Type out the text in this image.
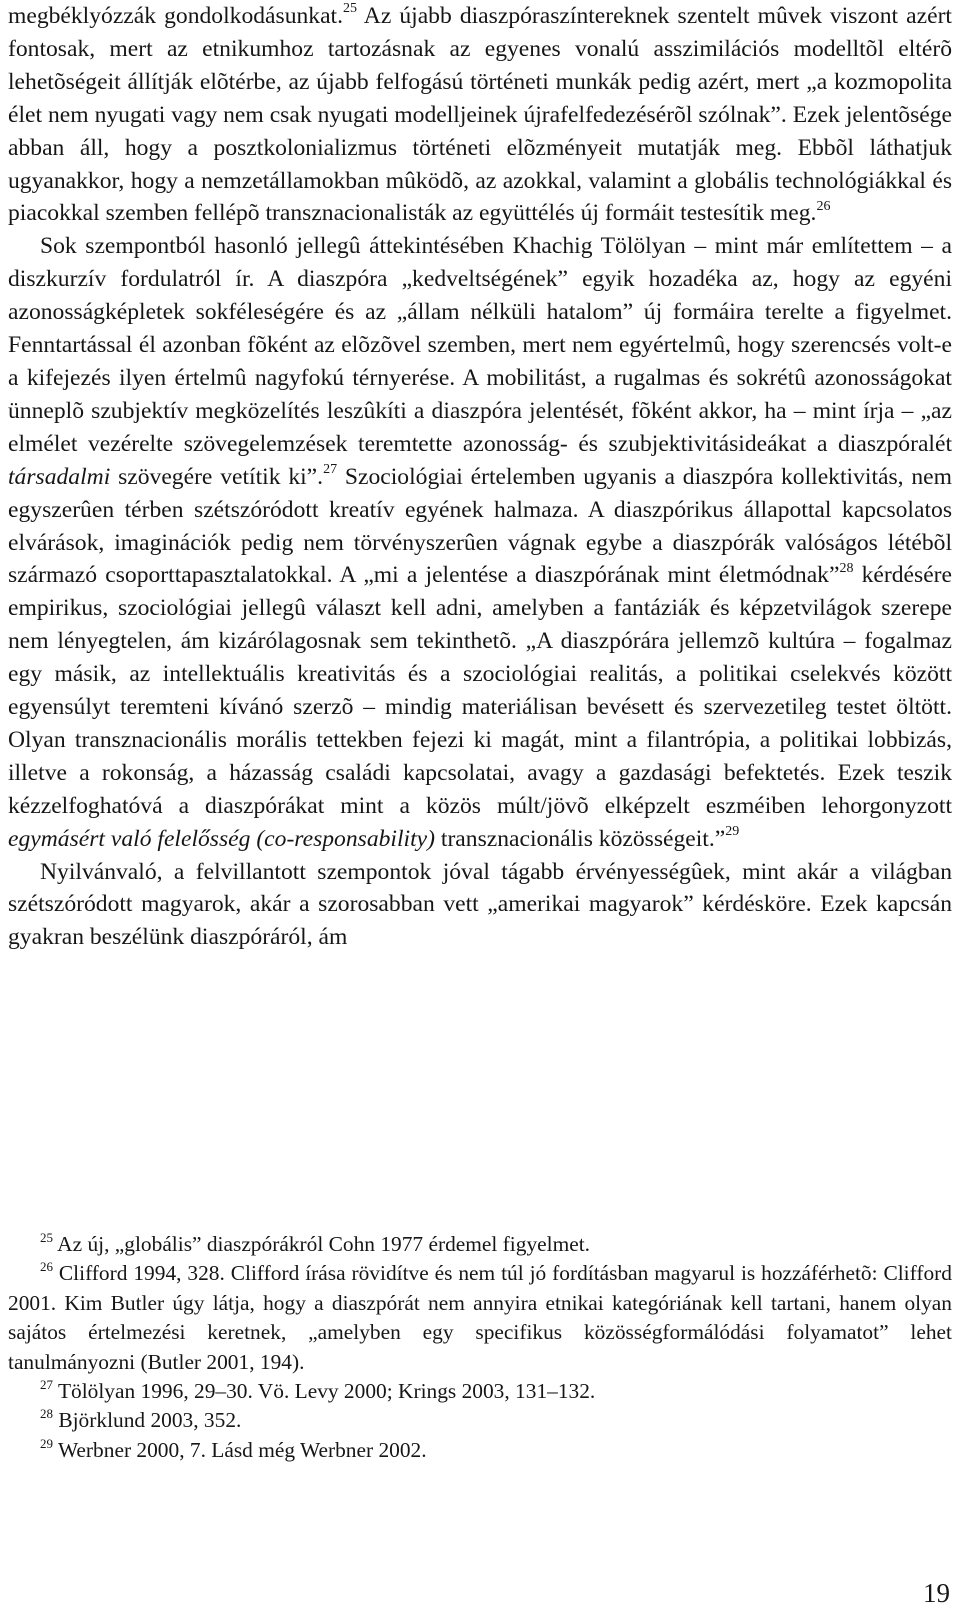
megbéklyózzák gondolkodásunkat.$^{25}$ Az újabb diaszpóraszíntereknek szentelt mûvek viszont azért fontosak, mert az etnikumhoz tartozásnak az egyenes vonalú asszimilációs modelltõl eltérõ lehetõségeit állítják elõtérbe, az újabb felfogású történeti munkák pedig azért, mert „a kozmopolita élet nem nyugati vagy nem csak nyugati modelljeinek újrafelfedezésérõl szólnak”. Ezek jelentõsége abban áll, hogy a posztkolonializmus történeti elõzményeit mutatják meg. Ebbõl láthatjuk ugyanakkor, hogy a nemzetállamokban mûködõ, az azokkal, valamint a globális technológiákkal és piacokkal szemben fellépõ transznacionalisták az együttélés új formáit testesítik meg.$^{26}$
Sok szempontból hasonló jellegû áttekintésében Khachig Tölölyan – mint már említettem – a diszkurzív fordulatról ír. A diaszpóra „kedveltségének” egyik hozadéka az, hogy az egyéni azonosságképletek sokféleségére és az „állam nélküli hatalom” új formáira terelte a figyelmet. Fenntartással él azonban fõként az elõzõvel szemben, mert nem egyértelmû, hogy szerencsés volt-e a kifejezés ilyen értelmû nagyfokú térnyerése. A mobilitást, a rugalmas és sokrétû azonosságokat ünneplõ szubjektív megközelítés leszûkíti a diaszpóra jelentését, fõként akkor, ha – mint írja – „az elmélet vezérelte szövegelemzések teremtette azonosság- és szubjektivitásideákat a diaszpóralét társadalmi szövegére vetítik ki”.$^{27}$ Szociológiai értelemben ugyanis a diaszpóra kollektivitás, nem egyszerûen térben szétszóródott kreatív egyének halmaza. A diaszpórikus állapottal kapcsolatos elvárások, imaginációk pedig nem törvényszerûen vágnak egybe a diaszpórák valóságos létébõl származó csoporttapasztalatokkal. A „mi a jelentése a diaszpórának mint életmódnak”$^{28}$ kérdésére empirikus, szociológiai jellegû választ kell adni, amelyben a fantáziák és képzetvilágok szerepe nem lényegtelen, ám kizárólagosnak sem tekinthetõ. „A diaszpórára jellemzõ kultúra – fogalmaz egy másik, az intellektuális kreativitás és a szociológiai realitás, a politikai cselekvés között egyensúlyt teremteni kívánó szerzõ – mindig materiálisan bevésett és szervezetileg testet öltött. Olyan transznacionális morális tettekben fejezi ki magát, mint a filantrópia, a politikai lobbizás, illetve a rokonság, a házasság családi kapcsolatai, avagy a gazdasági befektetés. Ezek teszik kézzelfoghatóvá a diaszpórákat mint a közös múlt/jövõ elképzelt eszméiben lehorgonyzott egymásért való felelősség (co-responsability) transznacionális közösségeit.”$^{29}$
Nyilvánvaló, a felvillantott szempontok jóval tágabb érvényességûek, mint akár a világban szétszóródott magyarok, akár a szorosabban vett „amerikai magyarok” kérdésköre. Ezek kapcsán gyakran beszélünk diaszpóráról, ám
$^{25}$ Az új, „globális” diaszpórákról Cohn 1977 érdemel figyelmet.
$^{26}$ Clifford 1994, 328. Clifford írása rövidítve és nem túl jó fordításban magyarul is hozzáférhetõ: Clifford 2001. Kim Butler úgy látja, hogy a diaszpórát nem annyira etnikai kategóriának kell tartani, hanem olyan sajátos értelmezési keretnek, „amelyben egy specifikus közösségformálódási folyamatot” lehet tanulmányozni (Butler 2001, 194).
$^{27}$ Tölölyan 1996, 29–30. Vö. Levy 2000; Krings 2003, 131–132.
$^{28}$ Björklund 2003, 352.
$^{29}$ Werbner 2000, 7. Lásd még Werbner 2002.
19
